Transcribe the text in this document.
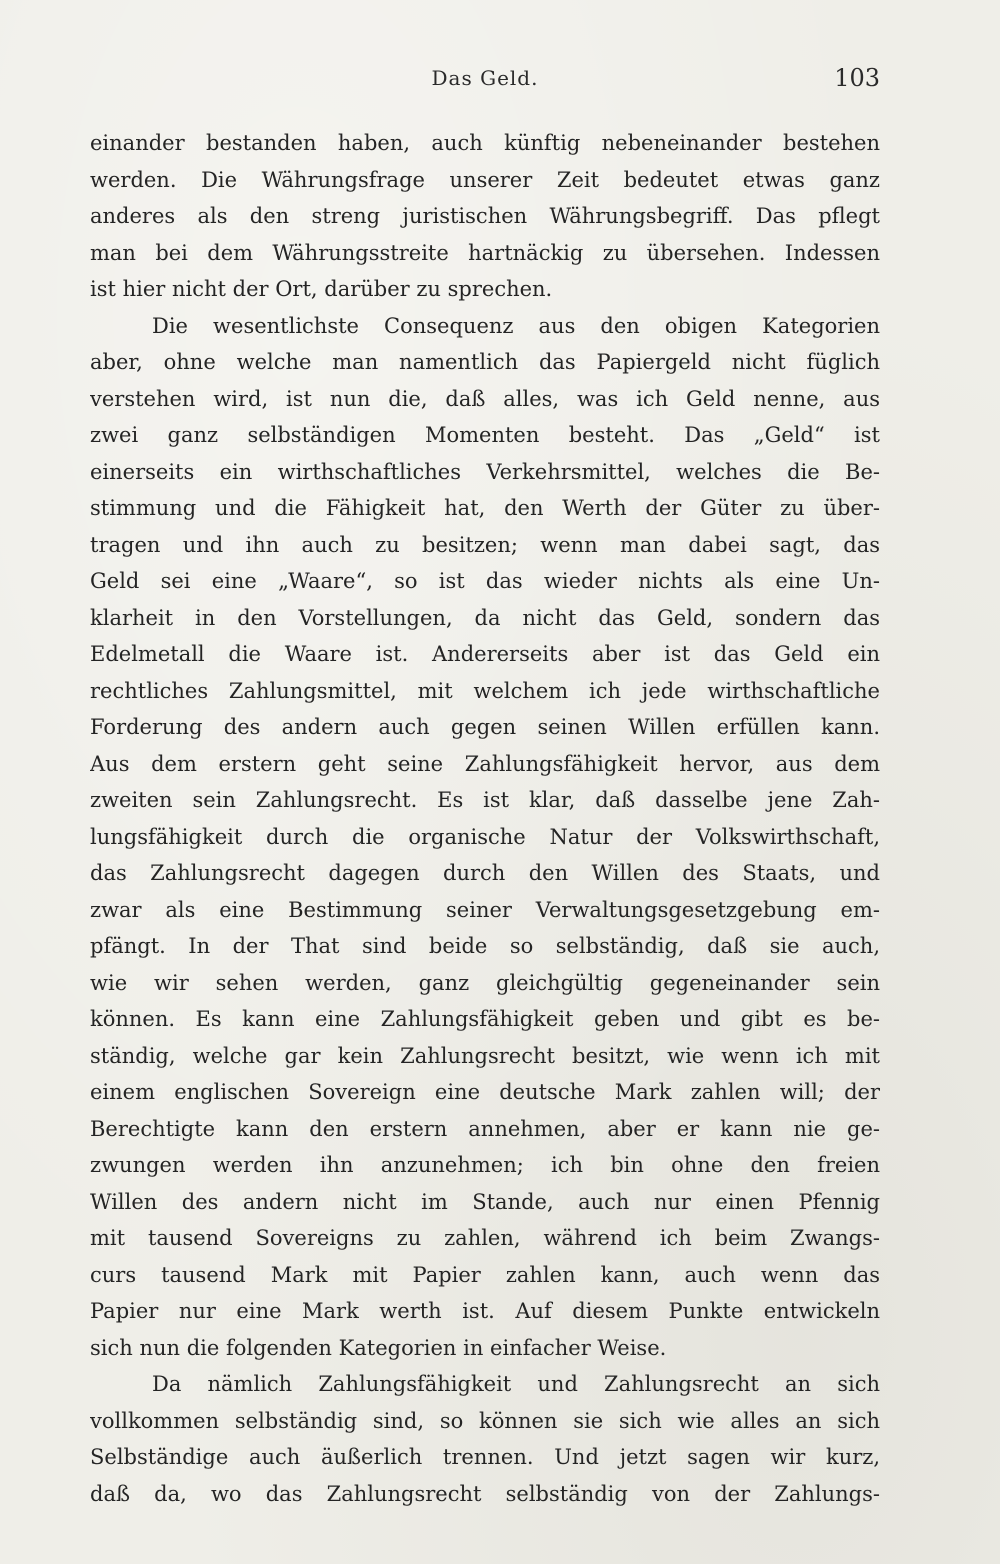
Das Geld.	103
einander bestanden haben, auch künftig nebeneinander bestehen
werden. Die Währungsfrage unserer Zeit bedeutet etwas ganz
anderes als den streng juristischen Währungsbegriff. Das pflegt
man bei dem Währungsstreite hartnäckig zu übersehen. Indessen
ist hier nicht der Ort, darüber zu sprechen.
Die wesentlichste Consequenz aus den obigen Kategorien
aber, ohne welche man namentlich das Papiergeld nicht füglich
verstehen wird, ist nun die, daß alles, was ich Geld nenne, aus
zwei ganz selbständigen Momenten besteht. Das „Geld“ ist
einerseits ein wirthschaftliches Verkehrsmittel, welches die Be-
stimmung und die Fähigkeit hat, den Werth der Güter zu über-
tragen und ihn auch zu besitzen; wenn man dabei sagt, das
Geld sei eine „Waare“, so ist das wieder nichts als eine Un-
klarheit in den Vorstellungen, da nicht das Geld, sondern das
Edelmetall die Waare ist. Andererseits aber ist das Geld ein
rechtliches Zahlungsmittel, mit welchem ich jede wirthschaftliche
Forderung des andern auch gegen seinen Willen erfüllen kann.
Aus dem erstern geht seine Zahlungsfähigkeit hervor, aus dem
zweiten sein Zahlungsrecht. Es ist klar, daß dasselbe jene Zah-
lungsfähigkeit durch die organische Natur der Volkswirthschaft,
das Zahlungsrecht dagegen durch den Willen des Staats, und
zwar als eine Bestimmung seiner Verwaltungsgesetzgebung em-
pfängt. In der That sind beide so selbständig, daß sie auch,
wie wir sehen werden, ganz gleichgültig gegeneinander sein
können. Es kann eine Zahlungsfähigkeit geben und gibt es be-
ständig, welche gar kein Zahlungsrecht besitzt, wie wenn ich mit
einem englischen Sovereign eine deutsche Mark zahlen will; der
Berechtigte kann den erstern annehmen, aber er kann nie ge-
zwungen werden ihn anzunehmen; ich bin ohne den freien
Willen des andern nicht im Stande, auch nur einen Pfennig
mit tausend Sovereigns zu zahlen, während ich beim Zwangs-
curs tausend Mark mit Papier zahlen kann, auch wenn das
Papier nur eine Mark werth ist. Auf diesem Punkte entwickeln
sich nun die folgenden Kategorien in einfacher Weise.
Da nämlich Zahlungsfähigkeit und Zahlungsrecht an sich
vollkommen selbständig sind, so können sie sich wie alles an sich
Selbständige auch äußerlich trennen. Und jetzt sagen wir kurz,
daß da, wo das Zahlungsrecht selbständig von der Zahlungs-
